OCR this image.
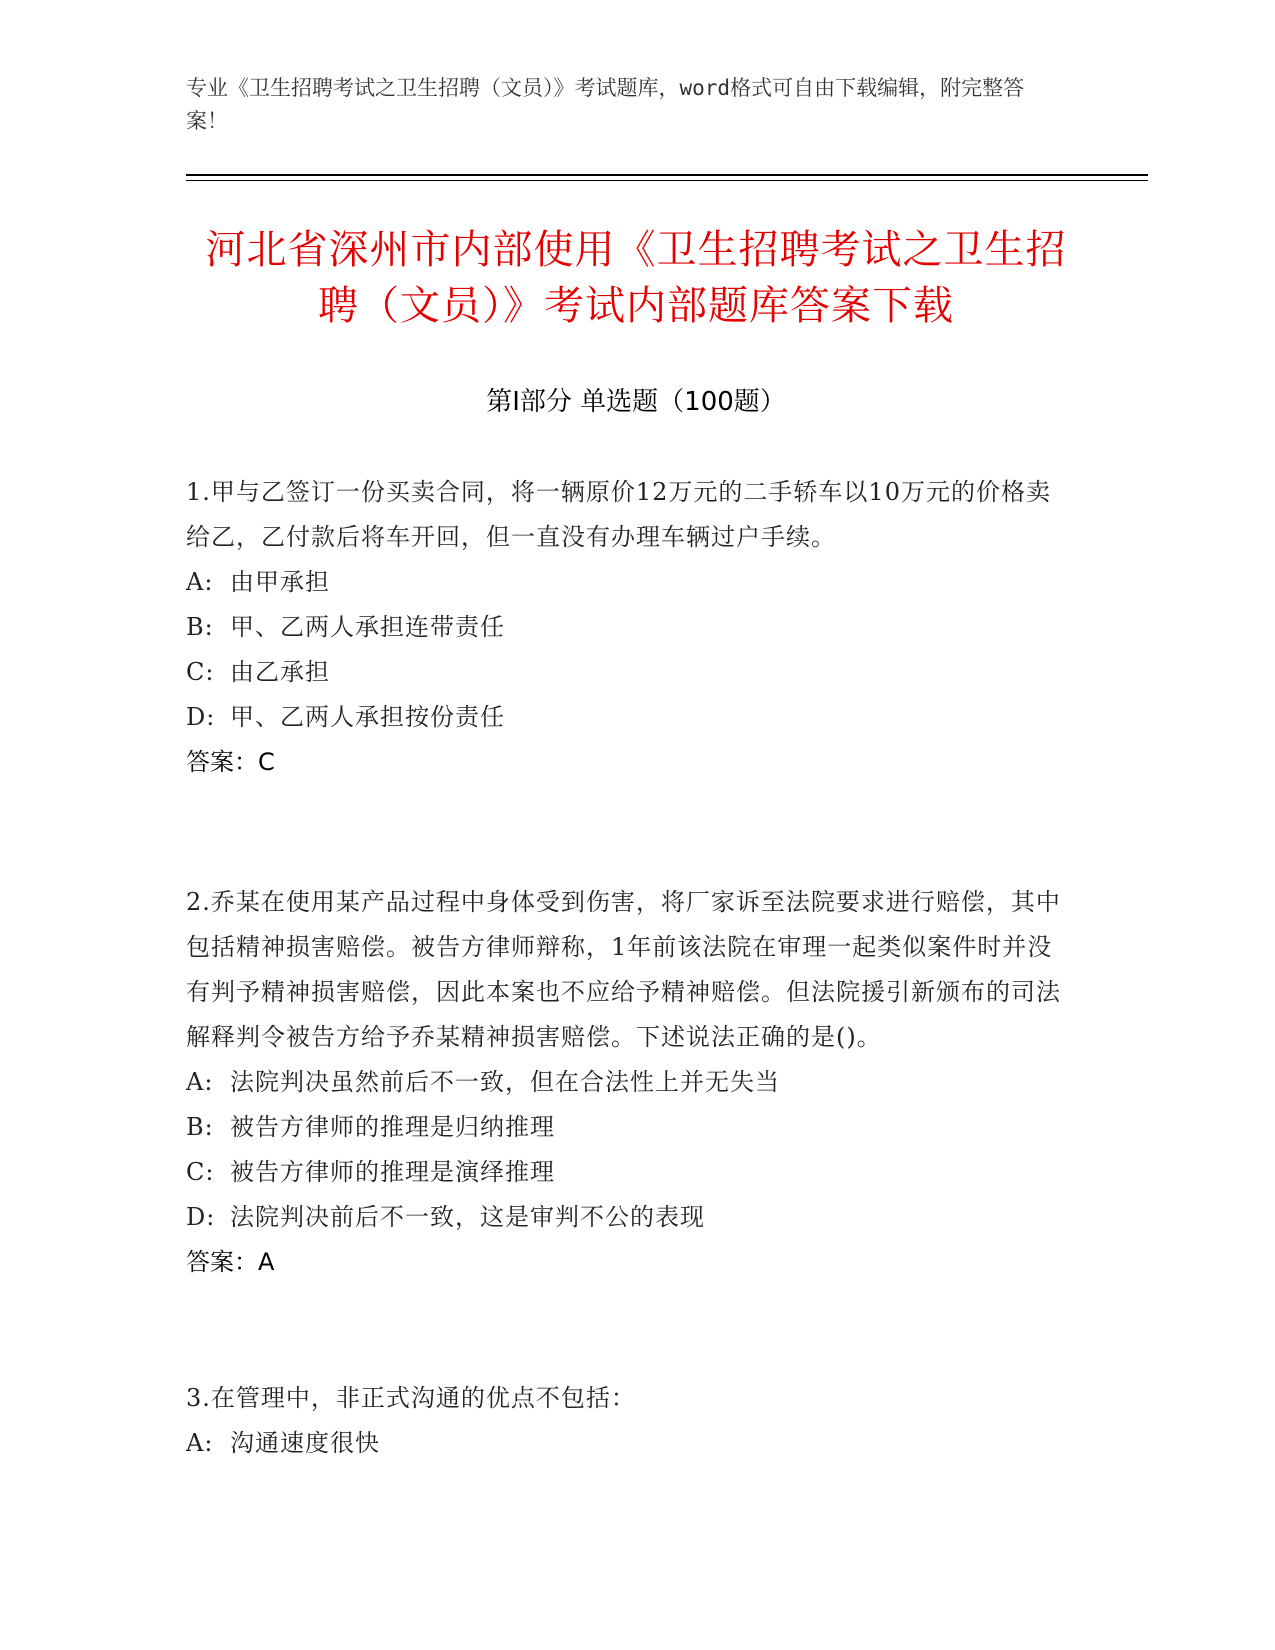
专业《卫生招聘考试之卫生招聘（文员）》考试题库，word格式可自由下载编辑，附完整答案！
河北省深州市内部使用《卫生招聘考试之卫生招聘（文员）》考试内部题库答案下载
第Ⅰ部分 单选题（100题）
1.甲与乙签订一份买卖合同，将一辆原价12万元的二手轿车以10万元的价格卖给乙，乙付款后将车开回，但一直没有办理车辆过户手续。
A: 由甲承担
B: 甲、乙两人承担连带责任
C: 由乙承担
D: 甲、乙两人承担按份责任
答案：C
2.乔某在使用某产品过程中身体受到伤害，将厂家诉至法院要求进行赔偿，其中包括精神损害赔偿。被告方律师辩称，1年前该法院在审理一起类似案件时并没有判予精神损害赔偿，因此本案也不应给予精神赔偿。但法院援引新颁布的司法解释判令被告方给予乔某精神损害赔偿。下述说法正确的是()。
A: 法院判决虽然前后不一致，但在合法性上并无失当
B: 被告方律师的推理是归纳推理
C: 被告方律师的推理是演绎推理
D: 法院判决前后不一致，这是审判不公的表现
答案：A
3.在管理中，非正式沟通的优点不包括：
A: 沟通速度很快
